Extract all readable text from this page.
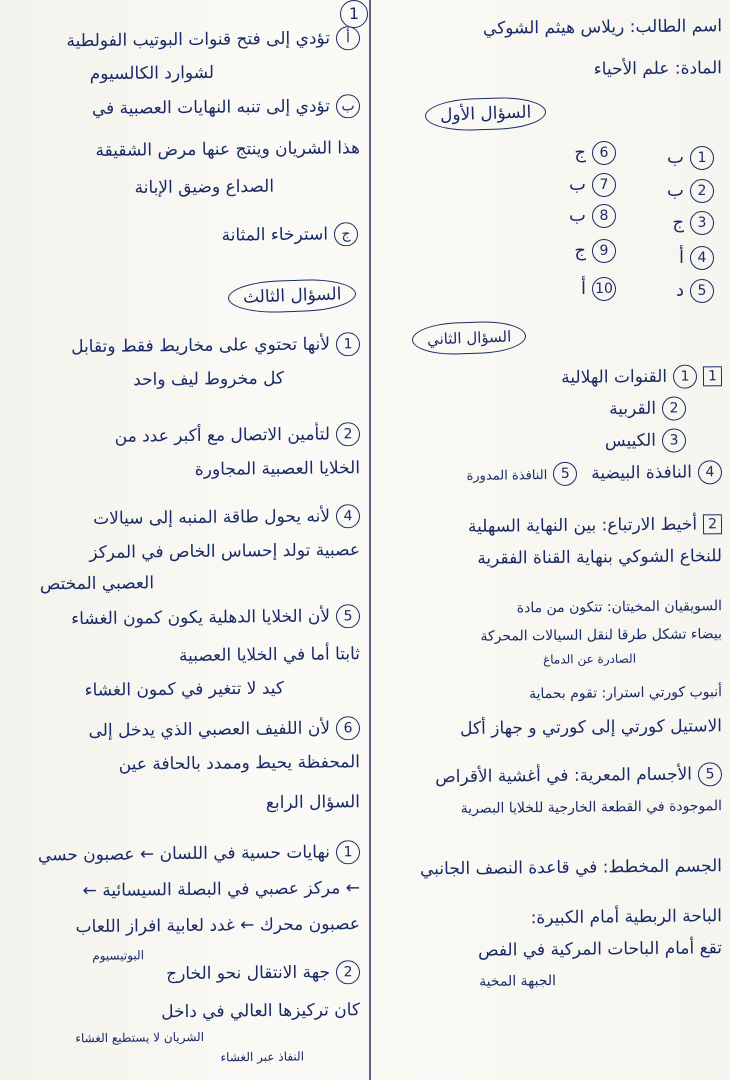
1
اسم الطالب: ريلاس هيثم الشوكي
المادة: علم الأحياء
السؤال الأول
1ب
2ب
3ج
4أ
5د
6ج
7ب
8ب
9ج
10أ
السؤال الثاني
11القنوات الهلالية
2القربية
3الكييس
4النافذة البيضية5النافذة المدورة
2أخيط الارتباع: بين النهاية السهلية
للنخاع الشوكي بنهاية القناة الفقرية
السويقيان المخيتان: تتكون من مادة
بيضاء تشكل طرقا لنقل السيالات المحركة
الصادرة عن الدماغ
أنبوب كورتي استرار: تقوم بحماية
الاستيل كورتي إلى كورتي و جهاز أكل
5الأجسام المعرية: في أغشية الأقراص
الموجودة في القطعة الخارجية للخلايا البصرية
الجسم المخطط: في قاعدة النصف الجانبي
الباحة الربطية أمام الكبيرة:
تقع أمام الباحات المركية في الفص
الجبهة المخية
أتؤدي إلى فتح قنوات البوتيب الفولطية
لشوارد الكالسيوم
بتؤدي إلى تنبه النهايات العصبية في
هذا الشريان وينتج عنها مرض الشقيقة
الصداع وضيق الإبانة
جاسترخاء المثانة
السؤال الثالث
1لأنها تحتوي على مخاريط فقط وتقابل
كل مخروط ليف واحد
2لتأمين الاتصال مع أكبر عدد من
الخلايا العصبية المجاورة
4لأنه يحول طاقة المنبه إلى سيالات
عصبية تولد إحساس الخاص في المركز
العصبي المختص
5لأن الخلايا الدهلية يكون كمون الغشاء
ثابتا أما في الخلايا العصبية
كيد لا تتغير في كمون الغشاء
6لأن اللفيف العصبي الذي يدخل إلى
المحفظة يحيط وممدد بالحافة عين
السؤال الرابع
1نهايات حسية في اللسان ← عصبون حسي
← مركز عصبي في البصلة السيسائية ←
عصبون محرك ← غدد لعابية افراز اللعاب
البوتيسيوم
2جهة الانتقال نحو الخارج
كان تركيزها العالي في داخل
الشريان لا يستطيع الغشاء
النفاذ عبر الغشاء
